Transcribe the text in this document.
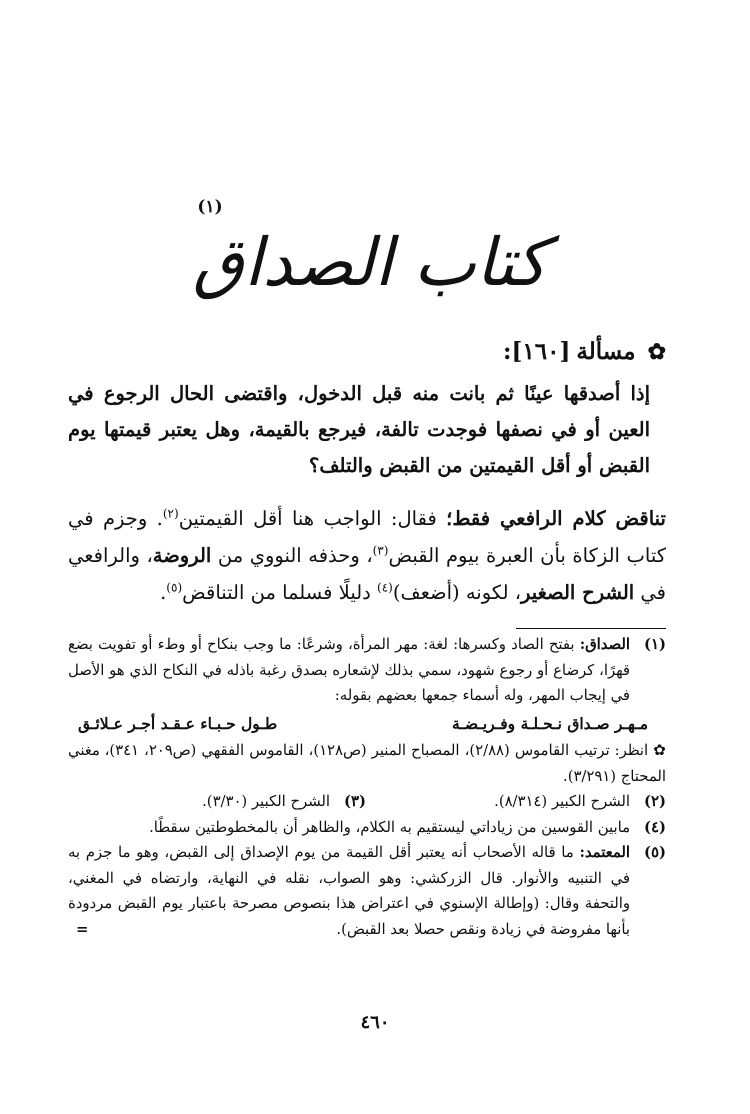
(١)
كتاب الصداق
✿
مسألة
[١٦٠]:
إذا أصدقها عينًا ثم بانت منه قبل الدخول، واقتضى الحال الرجوع في العين أو في نصفها فوجدت تالفة، فيرجع بالقيمة، وهل يعتبر قيمتها يوم القبض أو أقل القيمتين من القبض والتلف؟
تناقض كلام الرافعي فقط؛ فقال: الواجب هنا أقل القيمتين$^{(٢)}$. وجزم في كتاب الزكاة بأن العبرة بيوم القبض$^{(٣)}$، وحذفه النووي من الروضة، والرافعي في الشرح الصغير، لكونه (أضعف)$^{(٤)}$ دليلًا فسلما من التناقض$^{(٥)}$.
(١)
الصداق: بفتح الصاد وكسرها: لغة: مهر المرأة، وشرعًا: ما وجب بنكاح أو وطء أو تفويت بضع قهرًا، كرضاع أو رجوع شهود، سمي بذلك لإشعاره بصدق رغبة باذله في النكاح الذي هو الأصل في إيجاب المهر، وله أسماء جمعها بعضهم بقوله:
مـهـر صـداق نـحـلـة وفـريـضـة
طـول حـبـاء عـقـد أجـر عـلائـق
✿ انظر: ترتيب القاموس (٢/٨٨)، المصباح المنير (ص١٢٨)، القاموس الفقهي (ص٢٠٩، ٣٤١)، مغني المحتاج (٣/٢٩١).
(٢)
الشرح الكبير (٨/٣١٤).
(٣)
الشرح الكبير (٣/٣٠).
(٤)
مابين القوسين من زياداتي ليستقيم به الكلام، والظاهر أن بالمخطوطتين سقطًا.
(٥)
المعتمد: ما قاله الأصحاب أنه يعتبر أقل القيمة من يوم الإصداق إلى القبض، وهو ما جزم به في التنبيه والأنوار. قال الزركشي: وهو الصواب، نقله في النهاية، وارتضاه في المغني، والتحفة وقال: (وإطالة الإسنوي في اعتراض هذا بنصوص مصرحة باعتبار يوم القبض مردودة بأنها مفروضة في زيادة ونقص حصلا بعد القبض).
=
٤٦٠
